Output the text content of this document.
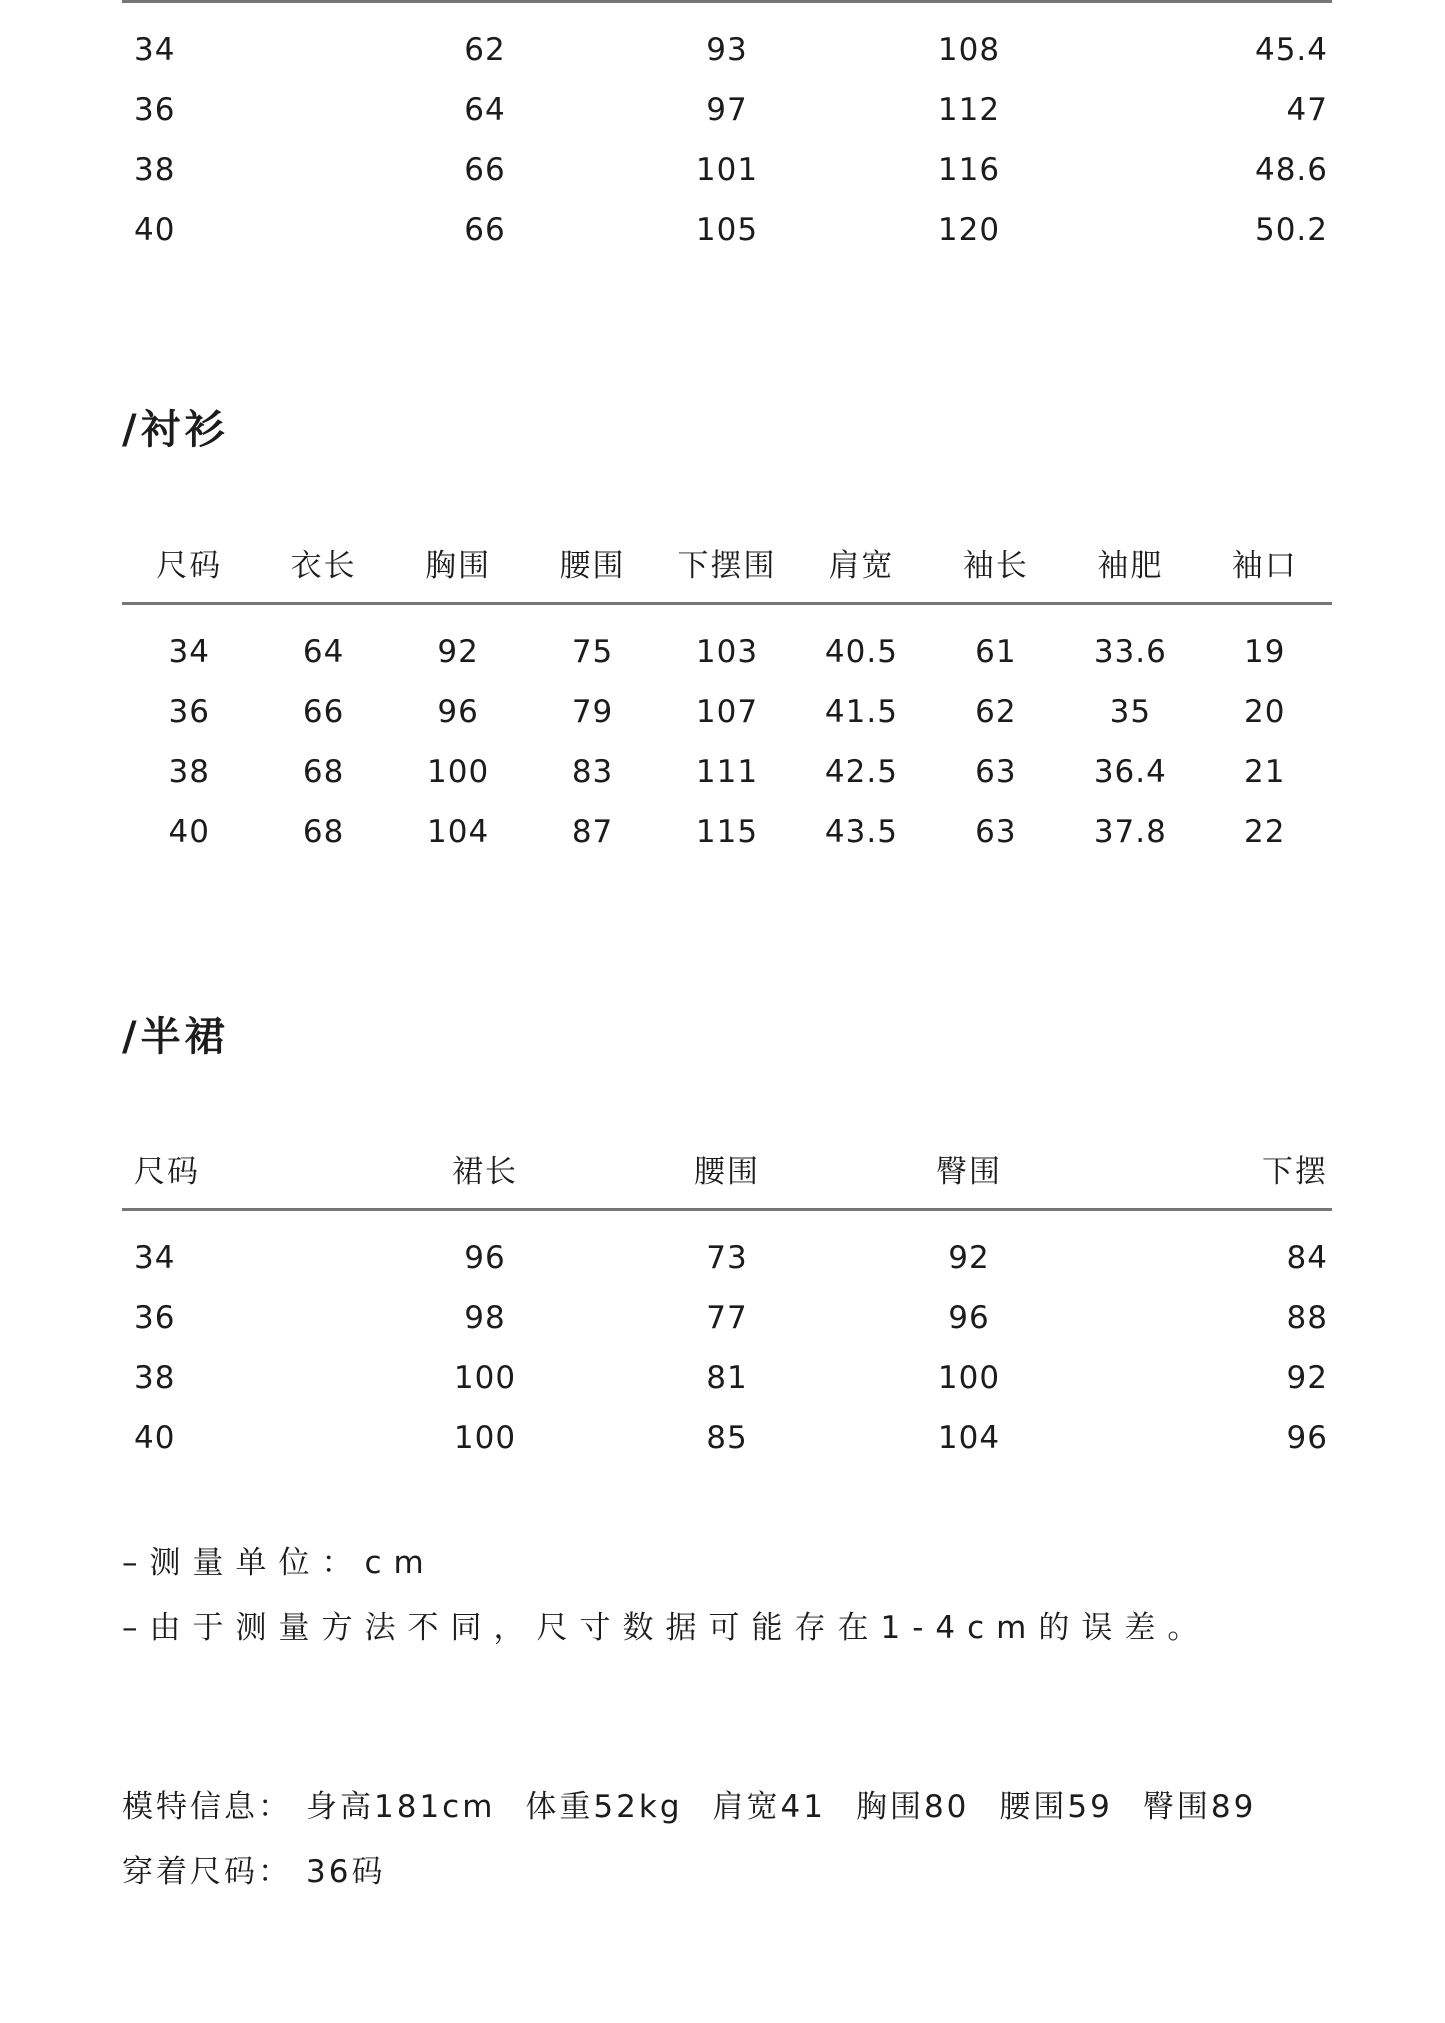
34	62	93	108	45.4
36	64	97	112	47
38	66	101	116	48.6
40	66	105	120	50.2
/衬衫
尺码	衣长	胸围	腰围	下摆围	肩宽	袖长	袖肥	袖口
34	64	92	75	103	40.5	61	33.6	19
36	66	96	79	107	41.5	62	35	20
38	68	100	83	111	42.5	63	36.4	21
40	68	104	87	115	43.5	63	37.8	22
/半裙
尺码	裙长	腰围	臀围	下摆
34	96	73	92	84
36	98	77	96	88
38	100	81	100	92
40	100	85	104	96
–测量单位：cm
–由于测量方法不同，尺寸数据可能存在1-4cm的误差。
模特信息： 身高181cm 体重52kg 肩宽41 胸围80 腰围59 臀围89
穿着尺码： 36码
